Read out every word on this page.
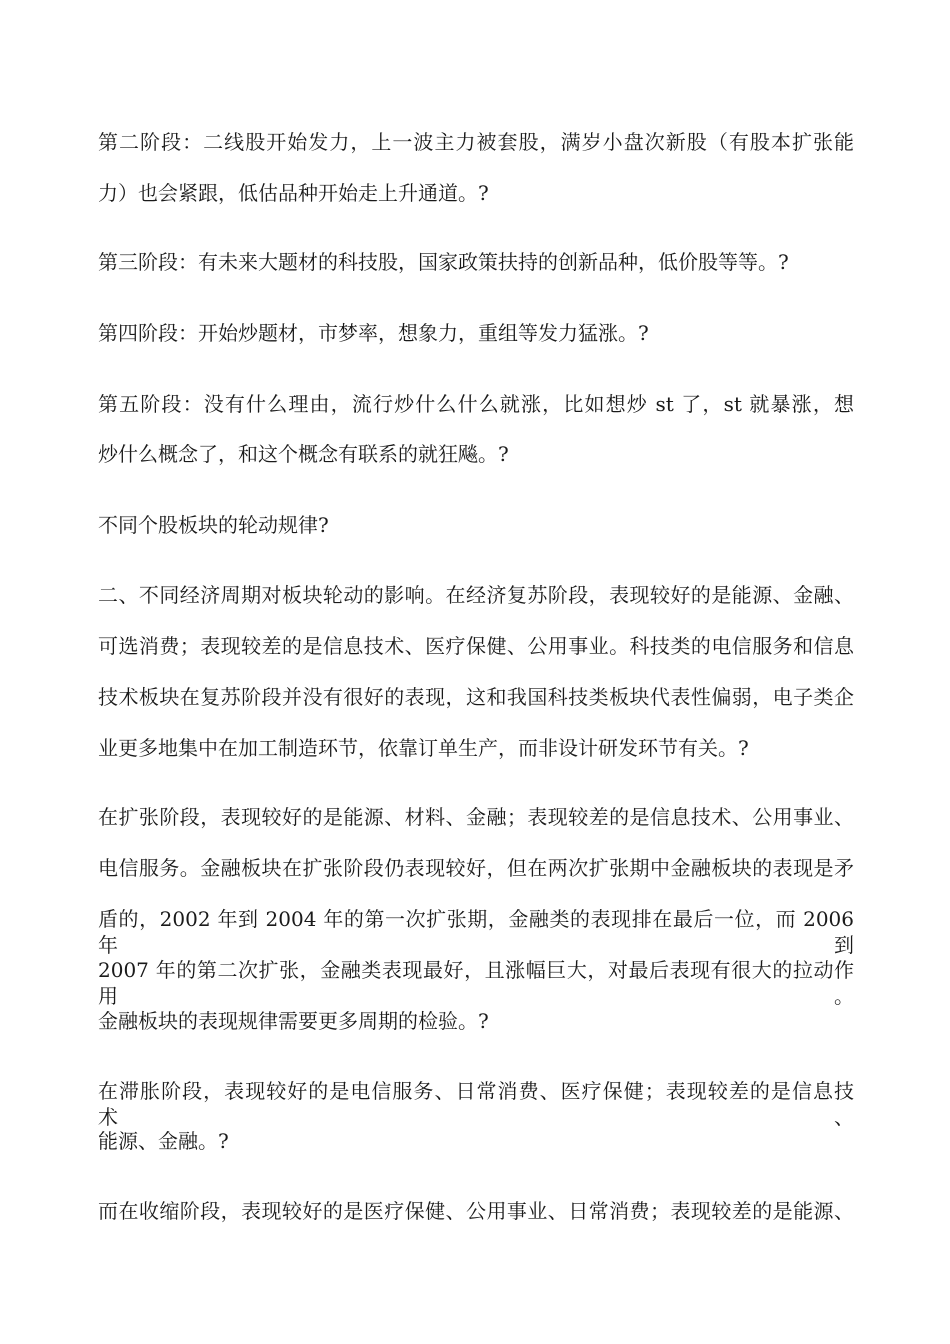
第二阶段：二线股开始发力，上一波主力被套股，满岁小盘次新股（有股本扩张能
力）也会紧跟，低估品种开始走上升通道。?
第三阶段：有未来大题材的科技股，国家政策扶持的创新品种，低价股等等。?
第四阶段：开始炒题材，市梦率，想象力，重组等发力猛涨。?
第五阶段：没有什么理由，流行炒什么什么就涨，比如想炒 st 了，st 就暴涨，想
炒什么概念了，和这个概念有联系的就狂飚。?
不同个股板块的轮动规律?
二、不同经济周期对板块轮动的影响。在经济复苏阶段，表现较好的是能源、金融、
可选消费；表现较差的是信息技术、医疗保健、公用事业。科技类的电信服务和信息
技术板块在复苏阶段并没有很好的表现，这和我国科技类板块代表性偏弱，电子类企
业更多地集中在加工制造环节，依靠订单生产，而非设计研发环节有关。?
在扩张阶段，表现较好的是能源、材料、金融；表现较差的是信息技术、公用事业、
电信服务。金融板块在扩张阶段仍表现较好，但在两次扩张期中金融板块的表现是矛
盾的，2002 年到 2004 年的第一次扩张期，金融类的表现排在最后一位，而 2006 年到
2007 年的第二次扩张，金融类表现最好，且涨幅巨大，对最后表现有很大的拉动作用。
金融板块的表现规律需要更多周期的检验。?
在滞胀阶段，表现较好的是电信服务、日常消费、医疗保健；表现较差的是信息技术、
能源、金融。?
而在收缩阶段，表现较好的是医疗保健、公用事业、日常消费；表现较差的是能源、
